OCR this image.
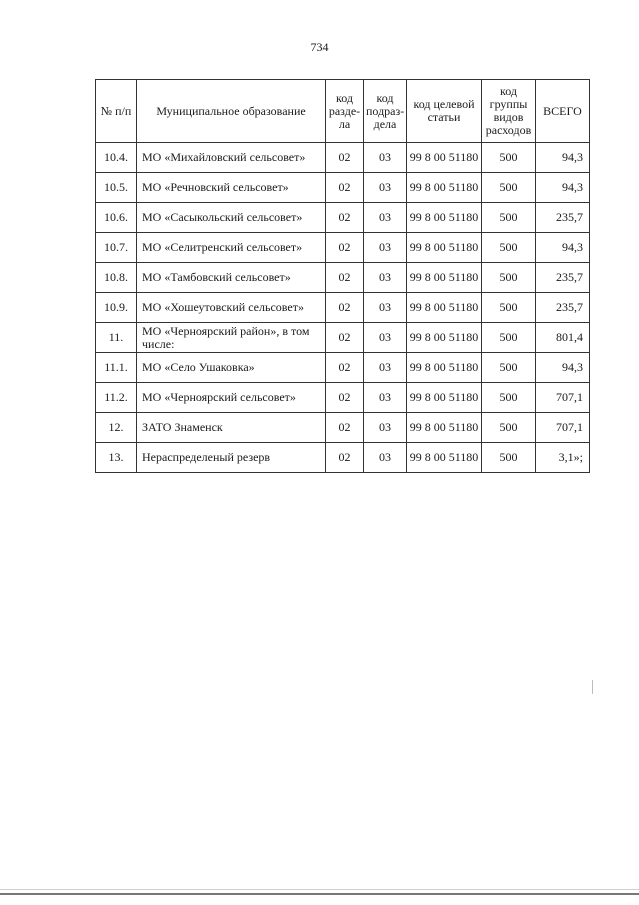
734
№ п/п	Муниципальное образование	код разде-ла	код подраз-дела	код целевой статьи	код группы видов расходов	ВСЕГО
10.4.	МО «Михайловский сельсовет»	02	03	99 8 00 51180	500	94,3
10.5.	МО «Речновский сельсовет»	02	03	99 8 00 51180	500	94,3
10.6.	МО «Сасыкольский сельсовет»	02	03	99 8 00 51180	500	235,7
10.7.	МО «Селитренский сельсовет»	02	03	99 8 00 51180	500	94,3
10.8.	МО «Тамбовский сельсовет»	02	03	99 8 00 51180	500	235,7
10.9.	МО «Хошеутовский сельсовет»	02	03	99 8 00 51180	500	235,7
11.	МО «Черноярский район», в том числе:	02	03	99 8 00 51180	500	801,4
11.1.	МО «Село Ушаковка»	02	03	99 8 00 51180	500	94,3
11.2.	МО «Черноярский сельсовет»	02	03	99 8 00 51180	500	707,1
12.	ЗАТО Знаменск	02	03	99 8 00 51180	500	707,1
13.	Нераспределеный резерв	02	03	99 8 00 51180	500	3,1»;
